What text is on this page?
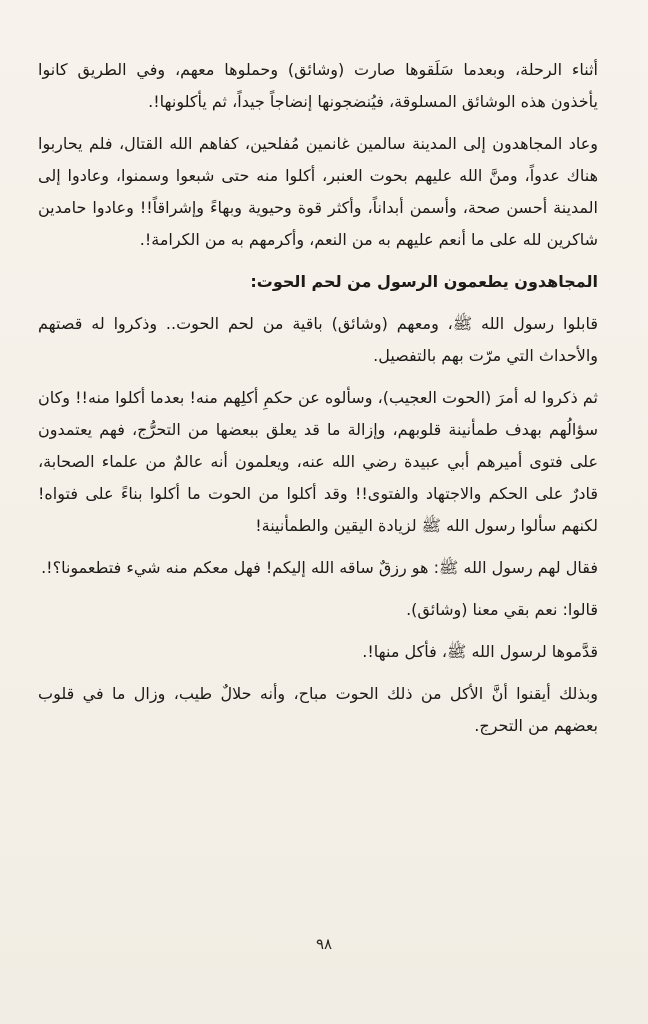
أثناء الرحلة، وبعدما سَلَقوها صارت (وشائق) وحملوها معهم، وفي الطريق كانوا يأخذون هذه الوشائق المسلوقة، فيُنضجونها إنضاجاً جيداً، ثم يأكلونها!.

وعاد المجاهدون إلى المدينة سالمين غانمين مُفلحين، كفاهم الله القتال، فلم يحاربوا هناك عدواً، ومنَّ الله عليهم بحوت العنبر، أكلوا منه حتى شبعوا وسمنوا، وعادوا إلى المدينة أحسن صحة، وأسمن أبداناً، وأكثر قوة وحيوية وبهاءً وإشراقاً!! وعادوا حامدين شاكرين لله على ما أنعم عليهم به من النعم، وأكرمهم به من الكرامة!.

المجاهدون يطعمون الرسول من لحم الحوت:

قابلوا رسول الله ﷺ، ومعهم (وشائق) باقية من لحم الحوت.. وذكروا له قصتهم والأحداث التي مرّت بهم بالتفصيل.

ثم ذكروا له أمرَ (الحوت العجيب)، وسألوه عن حكمِ أكلِهم منه! بعدما أكلوا منه!! وكان سؤالُهم بهدف طمأنينة قلوبهم، وإزالة ما قد يعلق ببعضها من التحرُّج، فهم يعتمدون على فتوى أميرهم أبي عبيدة رضي الله عنه، ويعلمون أنه عالمٌ من علماء الصحابة، قادرٌ على الحكم والاجتهاد والفتوى!! وقد أكلوا من الحوت ما أكلوا بناءً على فتواه! لكنهم سألوا رسول الله ﷺ لزيادة اليقين والطمأنينة!

فقال لهم رسول الله ﷺ: هو رزقٌ ساقه الله إليكم! فهل معكم منه شيء فتطعمونا؟!.

قالوا: نعم بقي معنا (وشائق).

قدَّموها لرسول الله ﷺ، فأكل منها!.

وبذلك أيقنوا أنَّ الأكل من ذلك الحوت مباح، وأنه حلالٌ طيب، وزال ما في قلوب بعضهم من التحرج.

٩٨
